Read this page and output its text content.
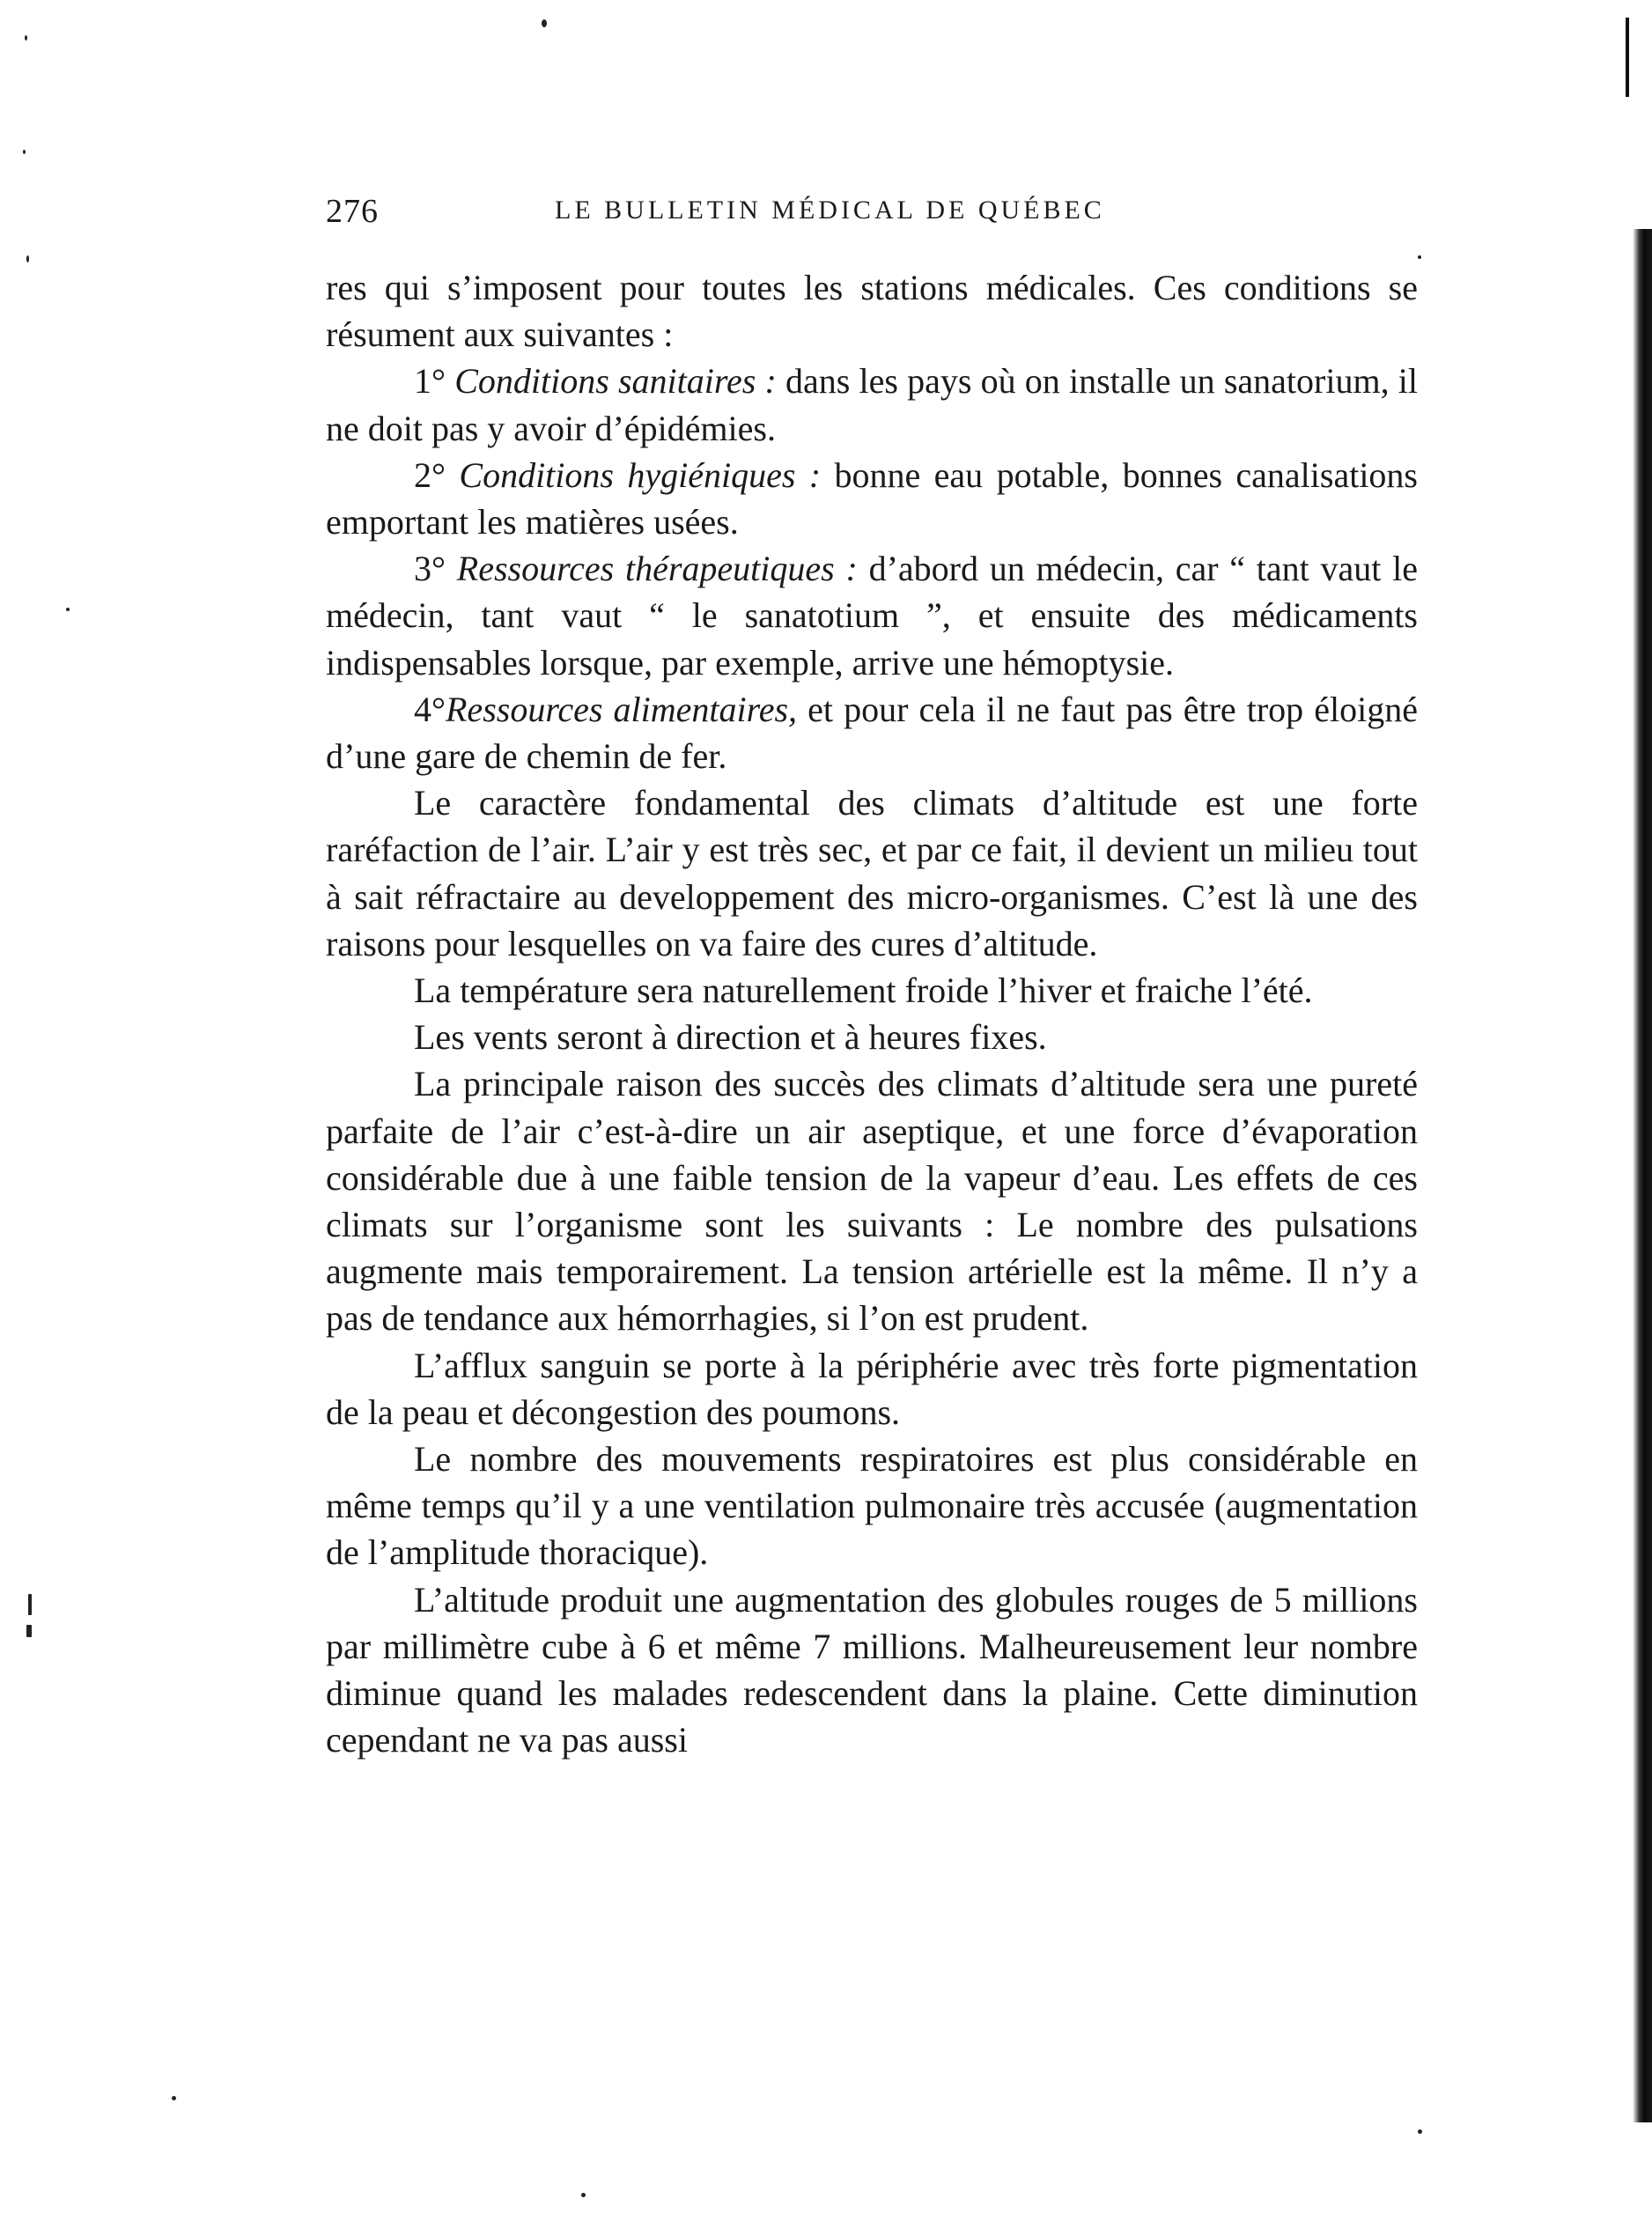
276	LE BULLETIN MÉDICAL DE QUÉBEC

res qui s’imposent pour toutes les stations médicales. Ces conditions se résument aux suivantes :

1° Conditions sanitaires : dans les pays où on installe un sanatorium, il ne doit pas y avoir d’épidémies.

2° Conditions hygiéniques : bonne eau potable, bonnes canalisations emportant les matières usées.

3° Ressources thérapeutiques : d’abord un médecin, car “ tant vaut le médecin, tant vaut “ le sanatotium ”, et ensuite des médicaments indispensables lorsque, par exemple, arrive une hémoptysie.

4°Ressources alimentaires, et pour cela il ne faut pas être trop éloigné d’une gare de chemin de fer.

Le caractère fondamental des climats d’altitude est une forte raréfaction de l’air. L’air y est très sec, et par ce fait, il devient un milieu tout à sait réfractaire au developpement des micro-organismes. C’est là une des raisons pour lesquelles on va faire des cures d’altitude.

La température sera naturellement froide l’hiver et fraiche l’été.

Les vents seront à direction et à heures fixes.

La principale raison des succès des climats d’altitude sera une pureté parfaite de l’air c’est-à-dire un air aseptique, et une force d’évaporation considérable due à une faible tension de la vapeur d’eau. Les effets de ces climats sur l’organisme sont les suivants : Le nombre des pulsations augmente mais temporairement. La tension artérielle est la même. Il n’y a pas de tendance aux hémorrhagies, si l’on est prudent.

L’afflux sanguin se porte à la périphérie avec très forte pigmentation de la peau et décongestion des poumons.

Le nombre des mouvements respiratoires est plus considérable en même temps qu’il y a une ventilation pulmonaire très accusée (augmentation de l’amplitude thoracique).

L’altitude produit une augmentation des globules rouges de 5 millions par millimètre cube à 6 et même 7 millions. Malheureusement leur nombre diminue quand les malades redescendent dans la plaine. Cette diminution cependant ne va pas aussi
